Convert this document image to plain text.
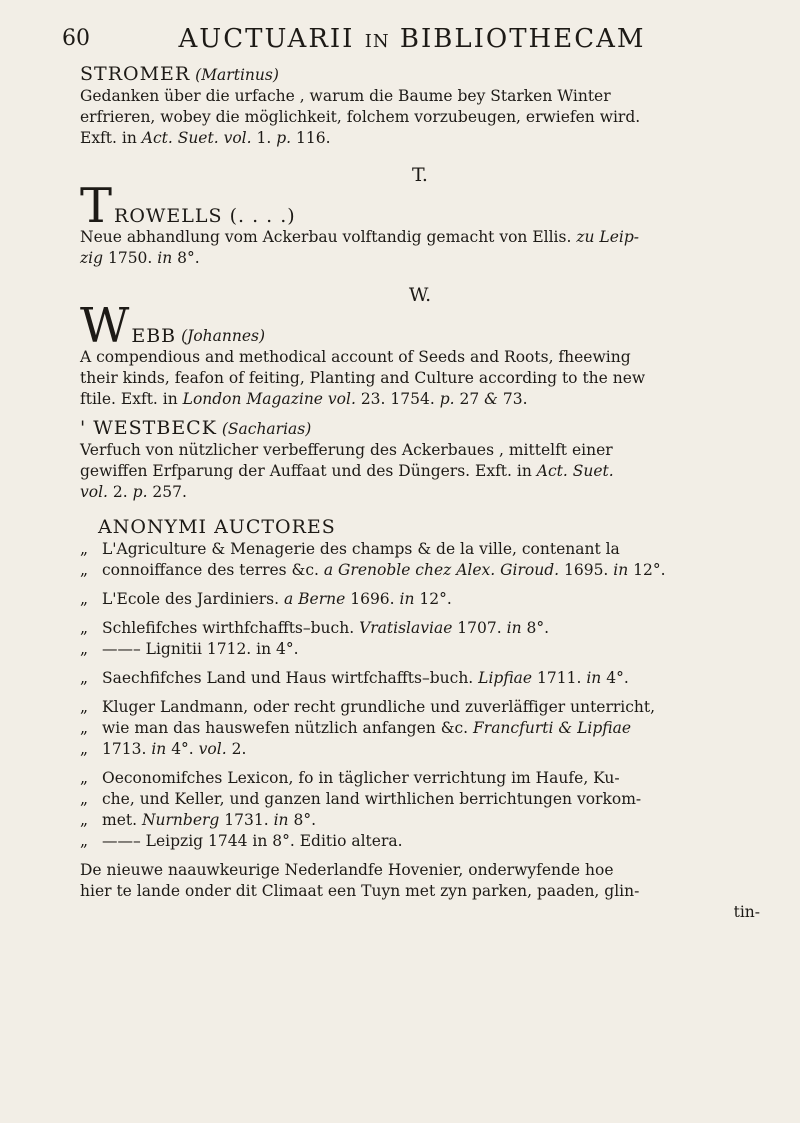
60	AUCTUARII IN BIBLIOTHECAM

STROMER (Martinus)

Gedanken über die urfache , warum die Baume bey Starken Winter

erfrieren, wobey die möglichkeit, folchem vorzubeugen, erwiefen wird.

Exft. in Act. Suet. vol. 1. p. 116.

T.

T ROWELLS (. . . .)

Neue abhandlung vom Ackerbau volftandig gemacht von Ellis. zu Leip-

zig 1750. in 8°.

W.

W EBB
(Johannes)

A compendious and methodical account of Seeds and Roots, fheewing

their kinds, feafon of feiting, Planting and Culture according to the new

ftile. Exft. in London Magazine vol. 23. 1754. p. 27 & 73.

' WESTBECK (Sacharias)

Verfuch von nützlicher verbefferung des Ackerbaues , mittelft einer

gewiffen Erfparung der Auffaat und des Düngers. Exft. in Act. Suet.

vol. 2. p. 257.

ANONYMI AUCTORES

„ L'Agriculture & Menagerie des champs & de la ville, contenant la
„ connoiffance des terres &c. a Grenoble chez Alex. Giroud. 1695. in 12°.
„ L'Ecole des Jardiniers. a Berne 1696. in 12°.
„ Schlefifches wirthfchaffts–buch. Vratislaviae 1707. in 8°.
„ ——– Lignitii 1712. in 4°.
„ Saechfifches Land und Haus wirtfchaffts–buch. Lipfiae 1711. in 4°.
„ Kluger Landmann, oder recht grundliche und zuverläffiger unterricht,
„ wie man das hauswefen nützlich anfangen &c. Francfurti & Lipfiae
„ 1713. in 4°. vol. 2.
„ Oeconomifches Lexicon, fo in täglicher verrichtung im Haufe, Ku-
„ che, und Keller, und ganzen land wirthlichen berrichtungen vorkom-
„ met. Nurnberg 1731. in 8°.
„ ——– Leipzig 1744 in 8°. Editio altera.

De nieuwe naauwkeurige Nederlandfe Hovenier, onderwyfende hoe

hier te lande onder dit Climaat een Tuyn met zyn parken, paaden, glin-

tin-
